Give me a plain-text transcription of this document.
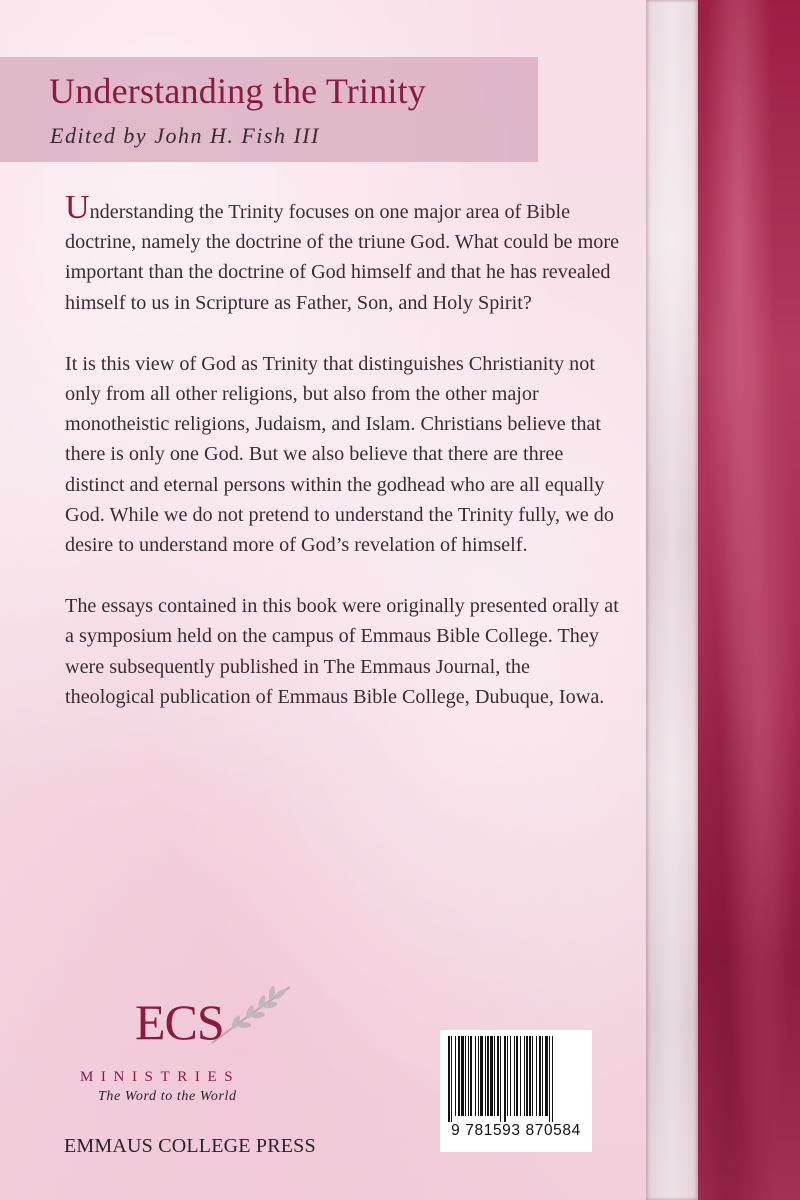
Understanding the Trinity

Edited by John H. Fish III

Understanding the Trinity focuses on one major area of Bible doctrine, namely the doctrine of the triune God. What could be more important than the doctrine of God himself and that he has revealed himself to us in Scripture as Father, Son, and Holy Spirit?

It is this view of God as Trinity that distinguishes Christianity not only from all other religions, but also from the other major monotheistic religions, Judaism, and Islam. Christians believe that there is only one God. But we also believe that there are three distinct and eternal persons within the godhead who are all equally God. While we do not pretend to understand the Trinity fully, we do desire to understand more of God’s revelation of himself.

The essays contained in this book were originally presented orally at a symposium held on the campus of Emmaus Bible College. They were subsequently published in The Emmaus Journal, the theological publication of Emmaus Bible College, Dubuque, Iowa.

ECS

MINISTRIES

The Word to the World

EMMAUS COLLEGE PRESS

9 781593 870584
